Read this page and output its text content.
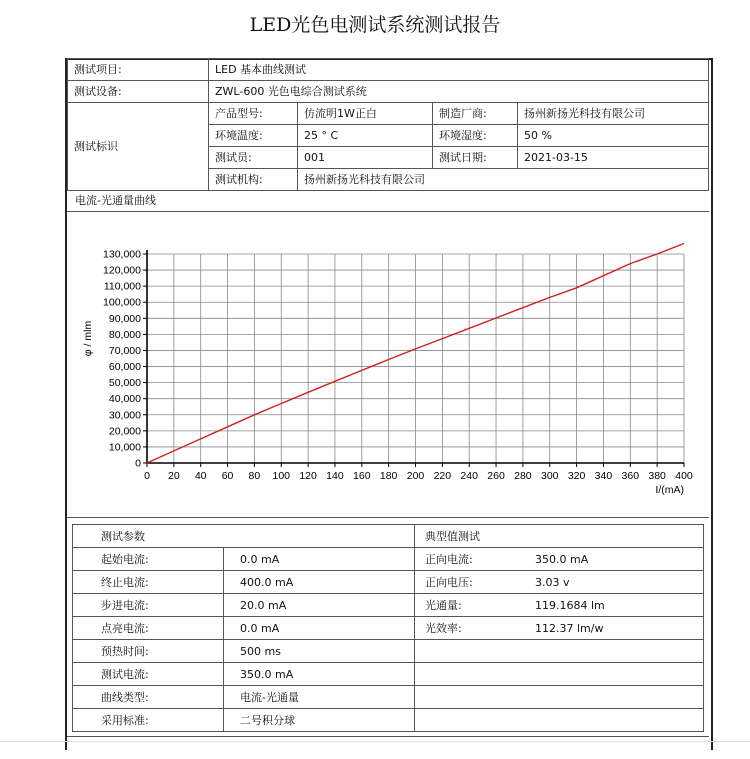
LED光色电测试系统测试报告
测试项目:	LED 基本曲线测试			
测试设备:	ZWL-600 光色电综合测试系统			
测试标识	产品型号:	仿流明1W正白	制造厂商:	扬州新扬光科技有限公司
	环境温度:	25 ° C	环境湿度:	50 %
	测试员:	001	测试日期:	2021-03-15
	测试机构:	扬州新扬光科技有限公司		
电流-光通量曲线
0 20 40 60 80 100 120 140 160 180 200 220 240 260 280 300 320 340 360 380 400
0
10,000
20,000
30,000
40,000
50,000
60,000
70,000
80,000
90,000
100,000
110,000
120,000
130,000
I/(mA)
φ / mlm
测试参数		典型值测试	
起始电流:	0.0 mA	正向电流:	350.0 mA
终止电流:	400.0 mA	正向电压:	3.03 v
步进电流:	20.0 mA	光通量:	119.1684 lm
点亮电流:	0.0 mA	光效率:	112.37 lm/w
预热时间:	500 ms		
测试电流:	350.0 mA		
曲线类型:	电流-光通量		
采用标准:	二号积分球		
